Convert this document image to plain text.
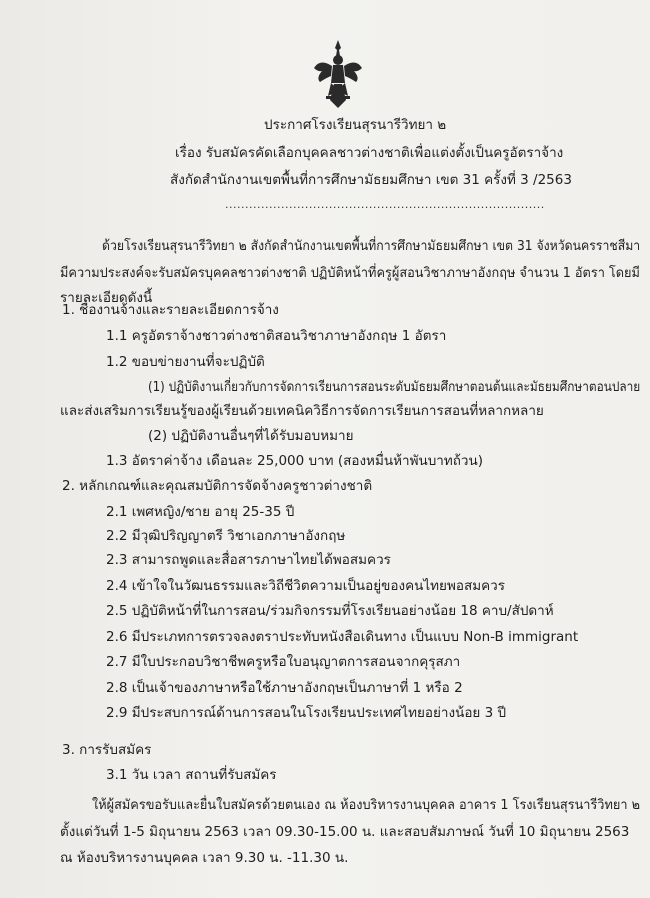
ประกาศโรงเรียนสุรนารีวิทยา ๒
เรื่อง รับสมัครคัดเลือกบุคคลชาวต่างชาติเพื่อแต่งตั้งเป็นครูอัตราจ้าง
สังกัดสำนักงานเขตพื้นที่การศึกษามัธยมศึกษา เขต 31 ครั้งที่ 3 /2563
................................................................................
ด้วยโรงเรียนสุรนารีวิทยา ๒ สังกัดสำนักงานเขตพื้นที่การศึกษามัธยมศึกษา เขต 31 จังหวัดนครราชสีมา
มีความประสงค์จะรับสมัครบุคคลชาวต่างชาติ ปฏิบัติหน้าที่ครูผู้สอนวิชาภาษาอังกฤษ จำนวน 1 อัตรา โดยมี
รายละเอียดดังนี้
1. ชื่องานจ้างและรายละเอียดการจ้าง
1.1 ครูอัตราจ้างชาวต่างชาติสอนวิชาภาษาอังกฤษ 1 อัตรา
1.2 ขอบข่ายงานที่จะปฏิบัติ
(1) ปฏิบัติงานเกี่ยวกับการจัดการเรียนการสอนระดับมัธยมศึกษาตอนต้นและมัธยมศึกษาตอนปลาย
และส่งเสริมการเรียนรู้ของผู้เรียนด้วยเทคนิควิธีการจัดการเรียนการสอนที่หลากหลาย
(2) ปฏิบัติงานอื่นๆที่ได้รับมอบหมาย
1.3 อัตราค่าจ้าง เดือนละ 25,000 บาท (สองหมื่นห้าพันบาทถ้วน)
2. หลักเกณฑ์และคุณสมบัติการจัดจ้างครูชาวต่างชาติ
2.1 เพศหญิง/ชาย อายุ 25-35 ปี
2.2 มีวุฒิปริญญาตรี วิชาเอกภาษาอังกฤษ
2.3 สามารถพูดและสื่อสารภาษาไทยได้พอสมควร
2.4 เข้าใจในวัฒนธรรมและวิถีชีวิตความเป็นอยู่ของคนไทยพอสมควร
2.5 ปฏิบัติหน้าที่ในการสอน/ร่วมกิจกรรมที่โรงเรียนอย่างน้อย 18 คาบ/สัปดาห์
2.6 มีประเภทการตรวจลงตราประทับหนังสือเดินทาง เป็นแบบ Non-B immigrant
2.7 มีใบประกอบวิชาชีพครูหรือใบอนุญาตการสอนจากคุรุสภา
2.8 เป็นเจ้าของภาษาหรือใช้ภาษาอังกฤษเป็นภาษาที่ 1 หรือ 2
2.9 มีประสบการณ์ด้านการสอนในโรงเรียนประเทศไทยอย่างน้อย 3 ปี
3. การรับสมัคร
3.1 วัน เวลา สถานที่รับสมัคร
ให้ผู้สมัครขอรับและยื่นใบสมัครด้วยตนเอง ณ ห้องบริหารงานบุคคล อาคาร 1 โรงเรียนสุรนารีวิทยา ๒
ตั้งแต่วันที่ 1-5 มิถุนายน 2563 เวลา 09.30-15.00 น. และสอบสัมภาษณ์ วันที่ 10 มิถุนายน 2563
ณ ห้องบริหารงานบุคคล เวลา 9.30 น. -11.30 น.
